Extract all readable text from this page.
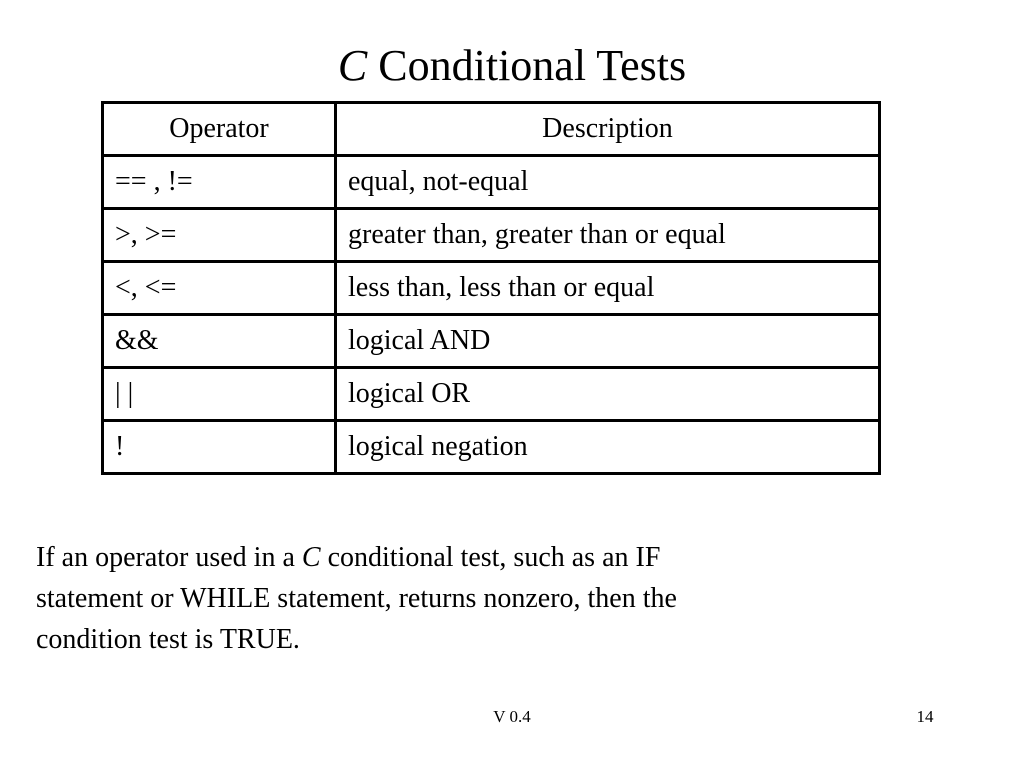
C Conditional Tests
Operator	Description
== , !=	equal, not-equal
>, >=	greater than, greater than or equal
<, <=	less than, less than or equal
&&	logical AND
| |	logical OR
!	logical negation

If an operator used in a C conditional test, such as an IF

statement or WHILE statement, returns nonzero, then the

condition test is TRUE.

V 0.4	14
